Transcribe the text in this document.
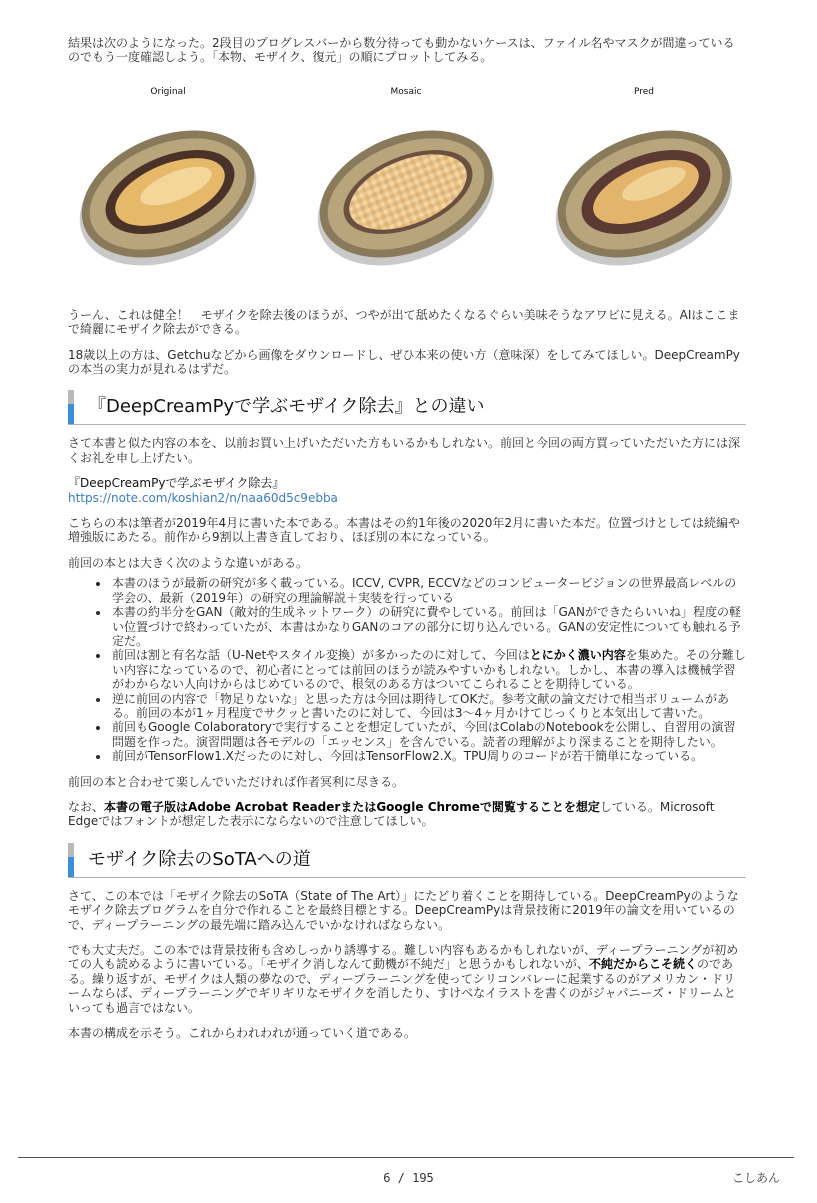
結果は次のようになった。2段目のプログレスバーから数分待っても動かないケースは、ファイル名やマスクが間違っているのでもう一度確認しよう。「本物、モザイク、復元」の順にプロットしてみる。

Original	Mosaic	Pred

うーん、これは健全！　モザイクを除去後のほうが、つやが出て舐めたくなるぐらい美味そうなアワビに見える。AIはここまで綺麗にモザイク除去ができる。

18歳以上の方は、Getchuなどから画像をダウンロードし、ぜひ本来の使い方（意味深）をしてみてほしい。DeepCreamPyの本当の実力が見れるはずだ。

『DeepCreamPyで学ぶモザイク除去』との違い

さて本書と似た内容の本を、以前お買い上げいただいた方もいるかもしれない。前回と今回の両方買っていただいた方には深くお礼を申し上げたい。

『DeepCreamPyで学ぶモザイク除去』

https://note.com/koshian2/n/naa60d5c9ebba

こちらの本は筆者が2019年4月に書いた本である。本書はその約1年後の2020年2月に書いた本だ。位置づけとしては続編や増強版にあたる。前作から9割以上書き直しており、ほぼ別の本になっている。

前回の本とは大きく次のような違いがある。

• 本書のほうが最新の研究が多く載っている。ICCV, CVPR, ECCVなどのコンピュータービジョンの世界最高レベルの学会の、最新（2019年）の研究の理論解説＋実装を行っている
• 本書の約半分をGAN（敵対的生成ネットワーク）の研究に費やしている。前回は「GANができたらいいね」程度の軽い位置づけで終わっていたが、本書はかなりGANのコアの部分に切り込んでいる。GANの安定性についても触れる予定だ。
• 前回は割と有名な話（U-Netやスタイル変換）が多かったのに対して、今回はとにかく濃い内容を集めた。その分難しい内容になっているので、初心者にとっては前回のほうが読みやすいかもしれない。しかし、本書の導入は機械学習がわからない人向けからはじめているので、根気のある方はついてこられることを期待している。
• 逆に前回の内容で「物足りないな」と思った方は今回は期待してOKだ。参考文献の論文だけで相当ボリュームがある。前回の本が1ヶ月程度でサクッと書いたのに対して、今回は3〜4ヶ月かけてじっくりと本気出して書いた。
• 前回もGoogle Colaboratoryで実行することを想定していたが、今回はColabのNotebookを公開し、自習用の演習問題を作った。演習問題は各モデルの「エッセンス」を含んでいる。読者の理解がより深まることを期待したい。
• 前回がTensorFlow1.Xだったのに対し、今回はTensorFlow2.X。TPU周りのコードが若干簡単になっている。

前回の本と合わせて楽しんでいただければ作者冥利に尽きる。

なお、本書の電子版はAdobe Acrobat ReaderまたはGoogle Chromeで閲覧することを想定している。Microsoft Edgeではフォントが想定した表示にならないので注意してほしい。

モザイク除去のSoTAへの道

さて、この本では「モザイク除去のSoTA（State of The Art）」にたどり着くことを期待している。DeepCreamPyのようなモザイク除去プログラムを自分で作れることを最終目標とする。DeepCreamPyは背景技術に2019年の論文を用いているので、ディープラーニングの最先端に踏み込んでいかなければならない。

でも大丈夫だ。この本では背景技術も含めしっかり誘導する。難しい内容もあるかもしれないが、ディープラーニングが初めての人も読めるように書いている。「モザイク消しなんて動機が不純だ」と思うかもしれないが、不純だからこそ続くのである。繰り返すが、モザイクは人類の夢なので、ディープラーニングを使ってシリコンバレーに起業するのがアメリカン・ドリームならば、ディープラーニングでギリギリなモザイクを消したり、すけべなイラストを書くのがジャパニーズ・ドリームといっても過言ではない。

本書の構成を示そう。これからわれわれが通っていく道である。

6 / 195	こしあん
